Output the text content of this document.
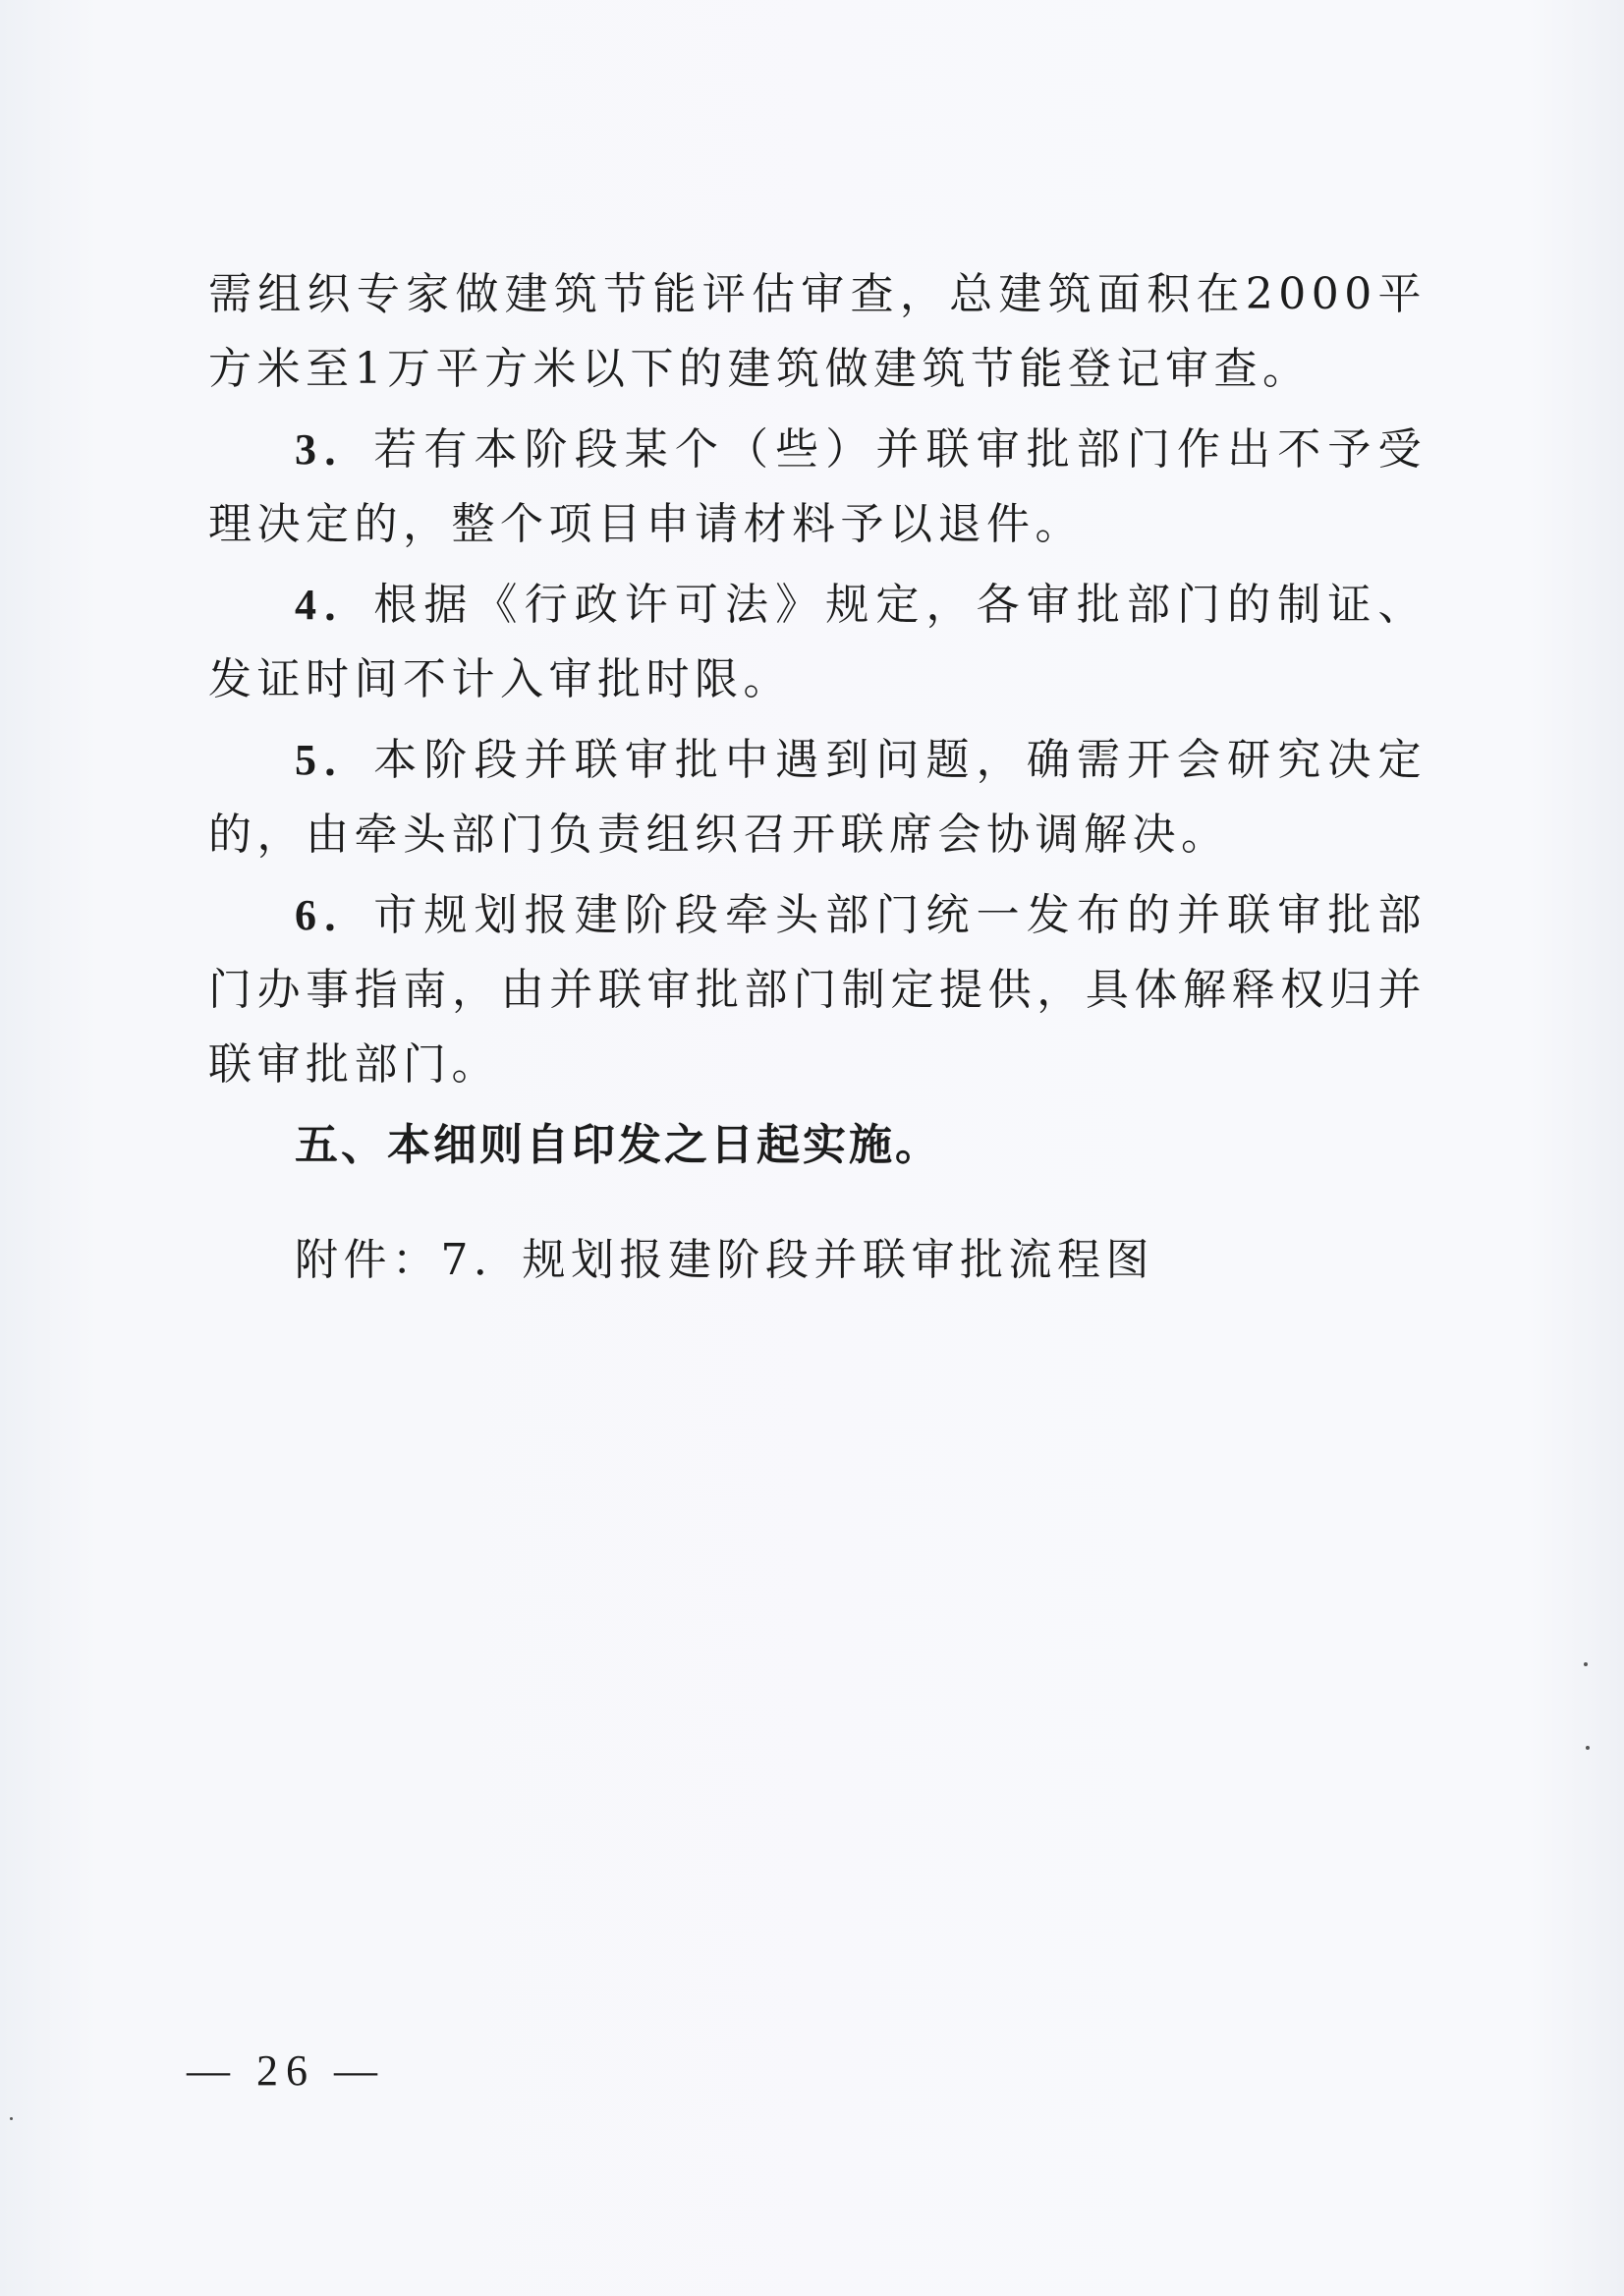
需组织专家做建筑节能评估审查，总建筑面积在2000平方米至1万平方米以下的建筑做建筑节能登记审查。

3．若有本阶段某个（些）并联审批部门作出不予受理决定的，整个项目申请材料予以退件。

4．根据《行政许可法》规定，各审批部门的制证、发证时间不计入审批时限。

5．本阶段并联审批中遇到问题，确需开会研究决定的，由牵头部门负责组织召开联席会协调解决。

6．市规划报建阶段牵头部门统一发布的并联审批部门办事指南，由并联审批部门制定提供，具体解释权归并联审批部门。

五、本细则自印发之日起实施。

附件：7．规划报建阶段并联审批流程图
— 26 —
